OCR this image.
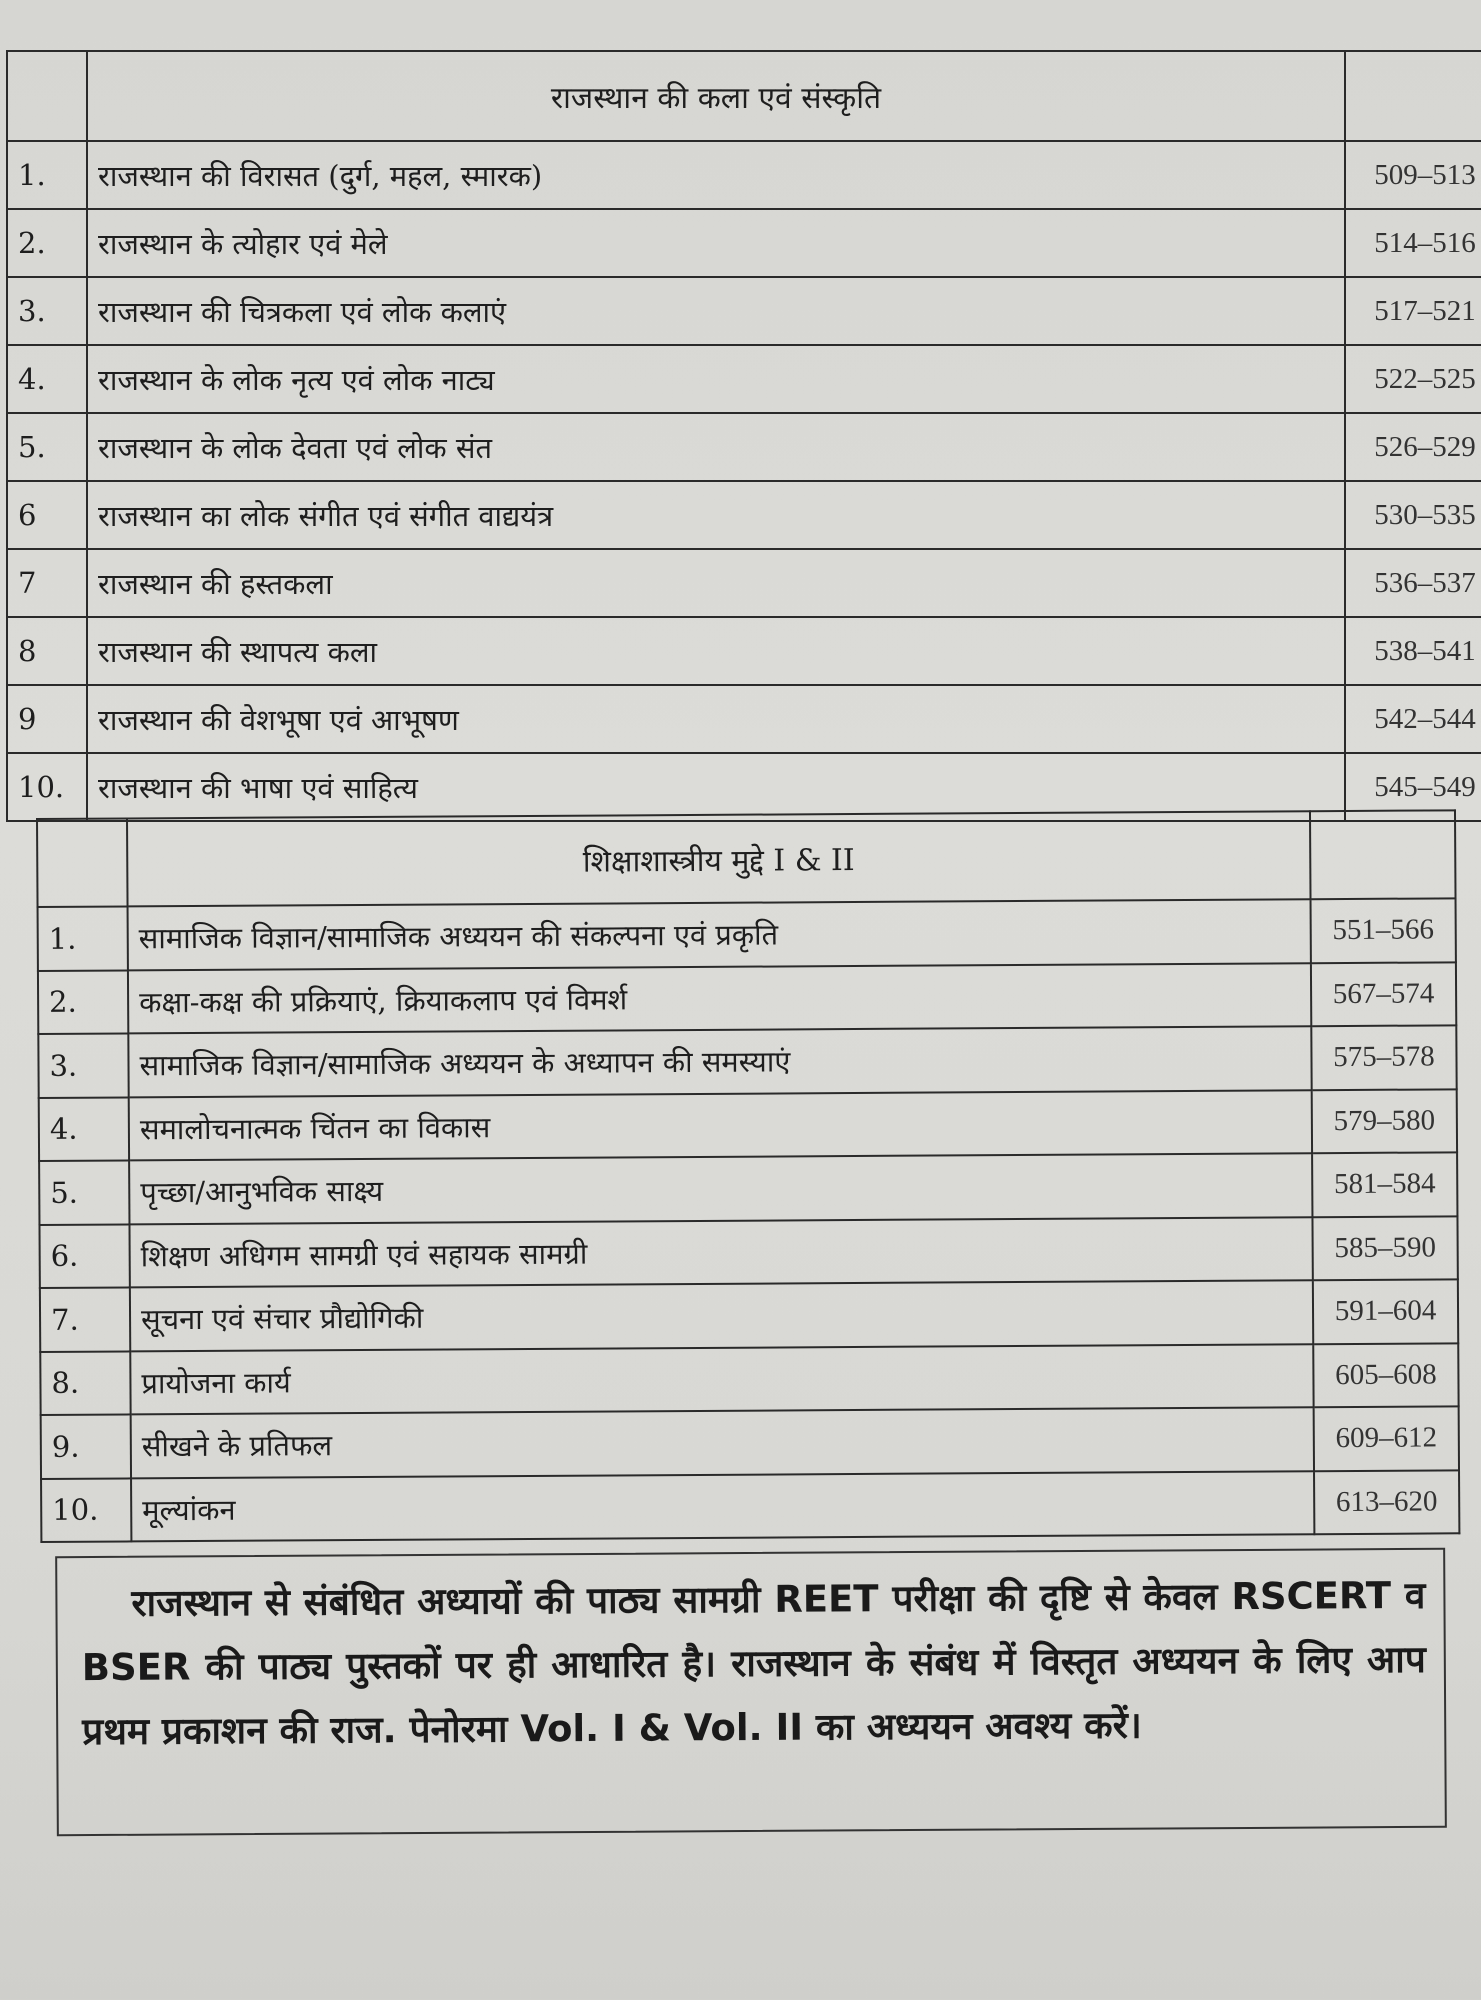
	राजस्थान की कला एवं संस्कृति	
1.	राजस्थान की विरासत (दुर्ग, महल, स्मारक)	509–513
2.	राजस्थान के त्योहार एवं मेले	514–516
3.	राजस्थान की चित्रकला एवं लोक कलाएं	517–521
4.	राजस्थान के लोक नृत्य एवं लोक नाट्य	522–525
5.	राजस्थान के लोक देवता एवं लोक संत	526–529
6	राजस्थान का लोक संगीत एवं संगीत वाद्ययंत्र	530–535
7	राजस्थान की हस्तकला	536–537
8	राजस्थान की स्थापत्य कला	538–541
9	राजस्थान की वेशभूषा एवं आभूषण	542–544
10.	राजस्थान की भाषा एवं साहित्य	545–549
	शिक्षाशास्त्रीय मुद्दे I & II	
1.	सामाजिक विज्ञान/सामाजिक अध्ययन की संकल्पना एवं प्रकृति	551–566
2.	कक्षा-कक्ष की प्रक्रियाएं, क्रियाकलाप एवं विमर्श	567–574
3.	सामाजिक विज्ञान/सामाजिक अध्ययन के अध्यापन की समस्याएं	575–578
4.	समालोचनात्मक चिंतन का विकास	579–580
5.	पृच्छा/आनुभविक साक्ष्य	581–584
6.	शिक्षण अधिगम सामग्री एवं सहायक सामग्री	585–590
7.	सूचना एवं संचार प्रौद्योगिकी	591–604
8.	प्रायोजना कार्य	605–608
9.	सीखने के प्रतिफल	609–612
10.	मूल्यांकन	613–620
राजस्थान से संबंधित अध्यायों की पाठ्य सामग्री REET परीक्षा की दृष्टि से केवल RSCERT व BSER की पाठ्य पुस्तकों पर ही आधारित है। राजस्थान के संबंध में विस्तृत अध्ययन के लिए आप प्रथम प्रकाशन की राज. पेनोरमा Vol. I & Vol. II का अध्ययन अवश्य करें।
